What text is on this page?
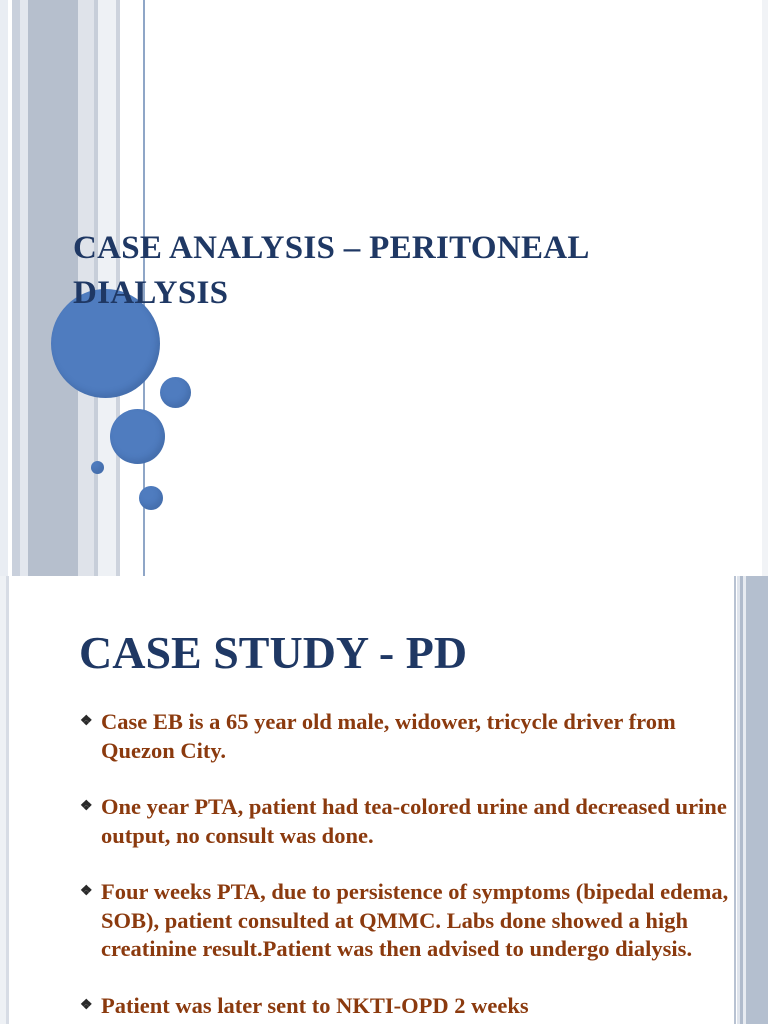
CASE ANALYSIS – PERITONEAL DIALYSIS
CASE STUDY - PD
❖ Case EB is a 65 year old male, widower, tricycle driver from Quezon City.
❖ One year PTA, patient had tea-colored urine and decreased urine output, no consult was done.
❖ Four weeks PTA, due to persistence of symptoms (bipedal edema, SOB), patient consulted at QMMC. Labs done showed a high creatinine result.Patient was then advised to undergo dialysis.
❖ Patient was later sent to NKTI-OPD 2 weeks
